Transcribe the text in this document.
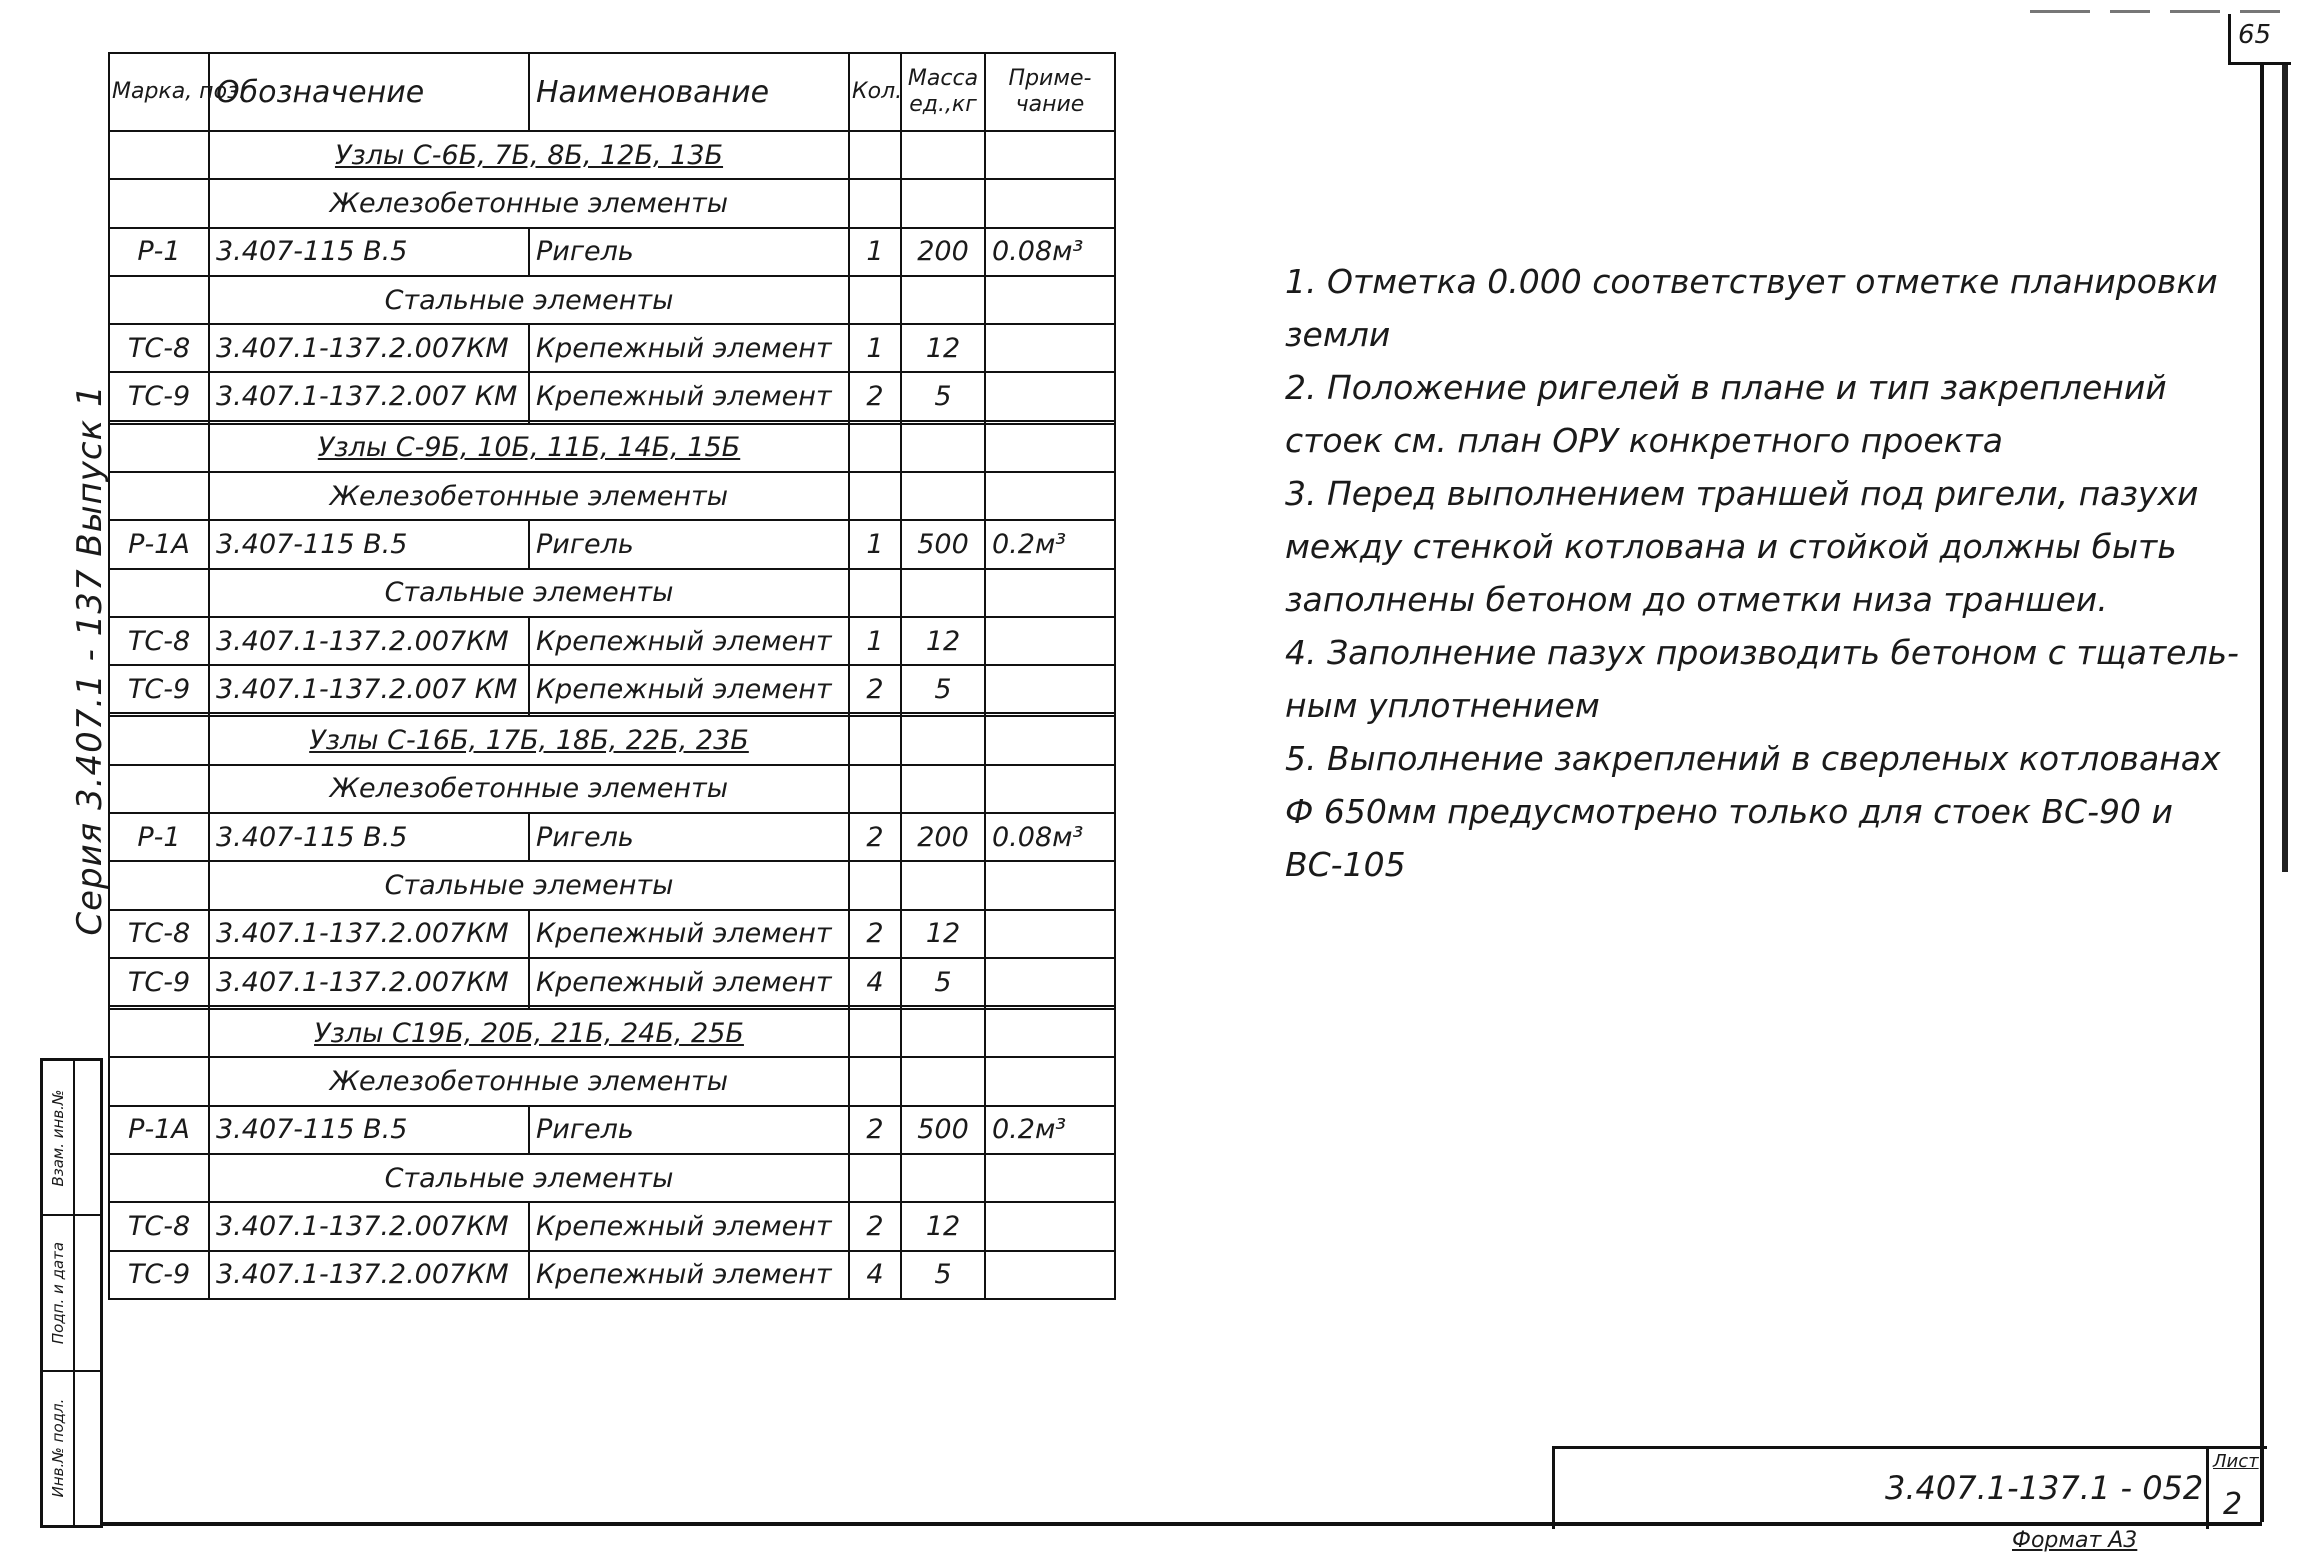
65
Серия 3.407.1 - 137 Выпуск 1
Взам. инв.№
Подп. и дата
Инв.№ подл.
Марка, поз.	Обозначение	Наименование	Кол.	Масса ед.,кг	Приме- чание
	Узлы С-6Б, 7Б, 8Б, 12Б, 13Б				
	Железобетонные элементы				
Р-1	3.407-115 В.5	Ригель	1	200	0.08м³
	Стальные элементы				
ТС-8	3.407.1-137.2.007КМ	Крепежный элемент	1	12	
ТС-9	3.407.1-137.2.007 КМ	Крепежный элемент	2	5	

	Узлы С-9Б, 10Б, 11Б, 14Б, 15Б				
	Железобетонные элементы				
Р-1А	3.407-115 В.5	Ригель	1	500	0.2м³
	Стальные элементы				
ТС-8	3.407.1-137.2.007КМ	Крепежный элемент	1	12	
ТС-9	3.407.1-137.2.007 КМ	Крепежный элемент	2	5	

	Узлы С-16Б, 17Б, 18Б, 22Б, 23Б				
	Железобетонные элементы				
Р-1	3.407-115 В.5	Ригель	2	200	0.08м³
	Стальные элементы				
ТС-8	3.407.1-137.2.007КМ	Крепежный элемент	2	12	
ТС-9	3.407.1-137.2.007КМ	Крепежный элемент	4	5	

	Узлы С19Б, 20Б, 21Б, 24Б, 25Б				
	Железобетонные элементы				
Р-1А	3.407-115 В.5	Ригель	2	500	0.2м³
	Стальные элементы				
ТС-8	3.407.1-137.2.007КМ	Крепежный элемент	2	12	
ТС-9	3.407.1-137.2.007КМ	Крепежный элемент	4	5	
1. Отметка 0.000 соответствует отметке планировки
земли
2. Положение ригелей в плане и тип закреплений
стоек см. план ОРУ конкретного проекта
3. Перед выполнением траншей под ригели, пазухи
между стенкой котлована и стойкой должны быть
заполнены бетоном до отметки низа траншеи.
4. Заполнение пазух производить бетоном с тщатель-
ным уплотнением
5. Выполнение закреплений в сверленых котлованах
Ф 650мм предусмотрено только для стоек ВС-90 и
ВС-105
3.407.1-137.1 - 052
Лист
2
Формат А3
